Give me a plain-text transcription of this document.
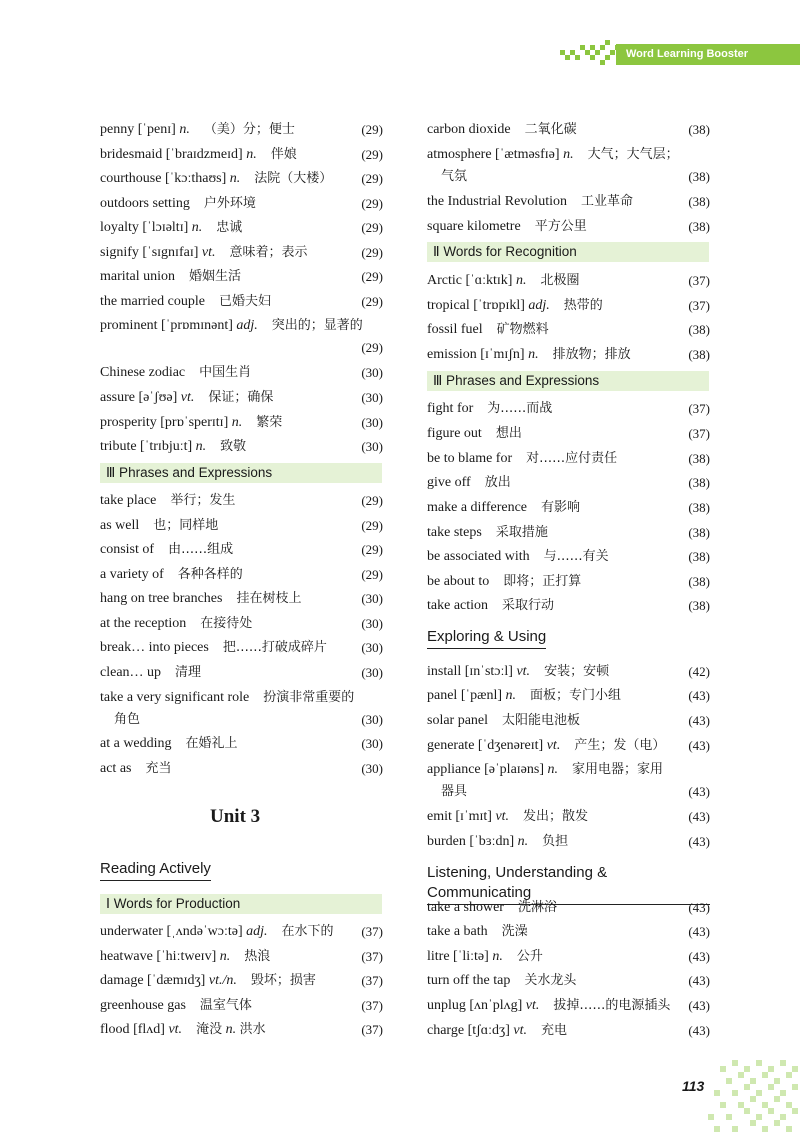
Word Learning Booster
penny [ˈpenɪ] n.  （美）分；便士	(29)
bridesmaid [ˈbraɪdzmeɪd] n.  伴娘	(29)
courthouse [ˈkɔːthaʊs] n.  法院（大楼） (29)
outdoors setting  户外环境	(29)
loyalty [ˈlɔɪəltɪ] n.  忠诚	(29)
signify [ˈsɪgnɪfaɪ] vt.  意味着；表示	(29)
marital union  婚姻生活	(29)
the married couple  已婚夫妇	(29)
prominent [ˈprɒmɪnənt] adj.  突出的；显著的
(29)
Chinese zodiac  中国生肖	(30)
assure [əˈʃʊə] vt.  保证；确保	(30)
prosperity [prɒˈsperɪtɪ] n.  繁荣	(30)
tribute [ˈtrɪbjuːt] n.  致敬	(30)
Ⅲ Phrases and Expressions
take place  举行；发生	(29)
as well  也；同样地	(29)
consist of  由……组成	(29)
a variety of  各种各样的	(29)
hang on tree branches  挂在树枝上	(30)
at the reception  在接待处	(30)
break… into pieces  把……打破成碎片	(30)
clean… up  清理	(30)
take a very significant role  扮演非常重要的
角色	(30)
at a wedding  在婚礼上	(30)
act as  充当	(30)
Reading Actively
Ⅰ Words for Production
underwater [ˌʌndəˈwɔːtə] adj.  在水下的 (37)
heatwave [ˈhiːtweɪv] n.  热浪	(37)
damage [ˈdæmɪdʒ] vt./n.  毁坏；损害	(37)
greenhouse gas  温室气体	(37)
flood [flʌd] vt.  淹没 n. 洪水	(37)
carbon dioxide  二氧化碳	(38)
atmosphere [ˈætməsfɪə] n.  大气；大气层；
气氛	(38)
the Industrial Revolution  工业革命	(38)
square kilometre  平方公里	(38)
Ⅱ Words for Recognition
Arctic [ˈɑːktɪk] n.  北极圈	(37)
tropical [ˈtrɒpɪkl] adj.  热带的	(37)
fossil fuel  矿物燃料	(38)
emission [ɪˈmɪʃn] n.  排放物；排放	(38)
Ⅲ Phrases and Expressions
fight for  为……而战	(37)
figure out  想出	(37)
be to blame for  对……应付责任	(38)
give off  放出	(38)
make a difference  有影响	(38)
take steps  采取措施	(38)
be associated with  与……有关	(38)
be about to  即将；正打算	(38)
take action  采取行动	(38)
Exploring & Using
install [ɪnˈstɔːl] vt.  安装；安顿	(42)
panel [ˈpænl] n.  面板；专门小组	(43)
solar panel  太阳能电池板	(43)
generate [ˈdʒenəreɪt] vt.  产生；发（电） (43)
appliance [əˈplaɪəns] n.  家用电器；家用
器具	(43)
emit [ɪˈmɪt] vt.  发出；散发	(43)
burden [ˈbɜːdn] n.  负担	(43)
Listening, Understanding & Communicating
take a shower  洗淋浴	(43)
take a bath  洗澡	(43)
litre [ˈliːtə] n.  公升	(43)
turn off the tap  关水龙头	(43)
unplug [ʌnˈplʌg] vt.  拔掉……的电源插头 (43)
charge [tʃɑːdʒ] vt.  充电	(43)
Unit 3
113
